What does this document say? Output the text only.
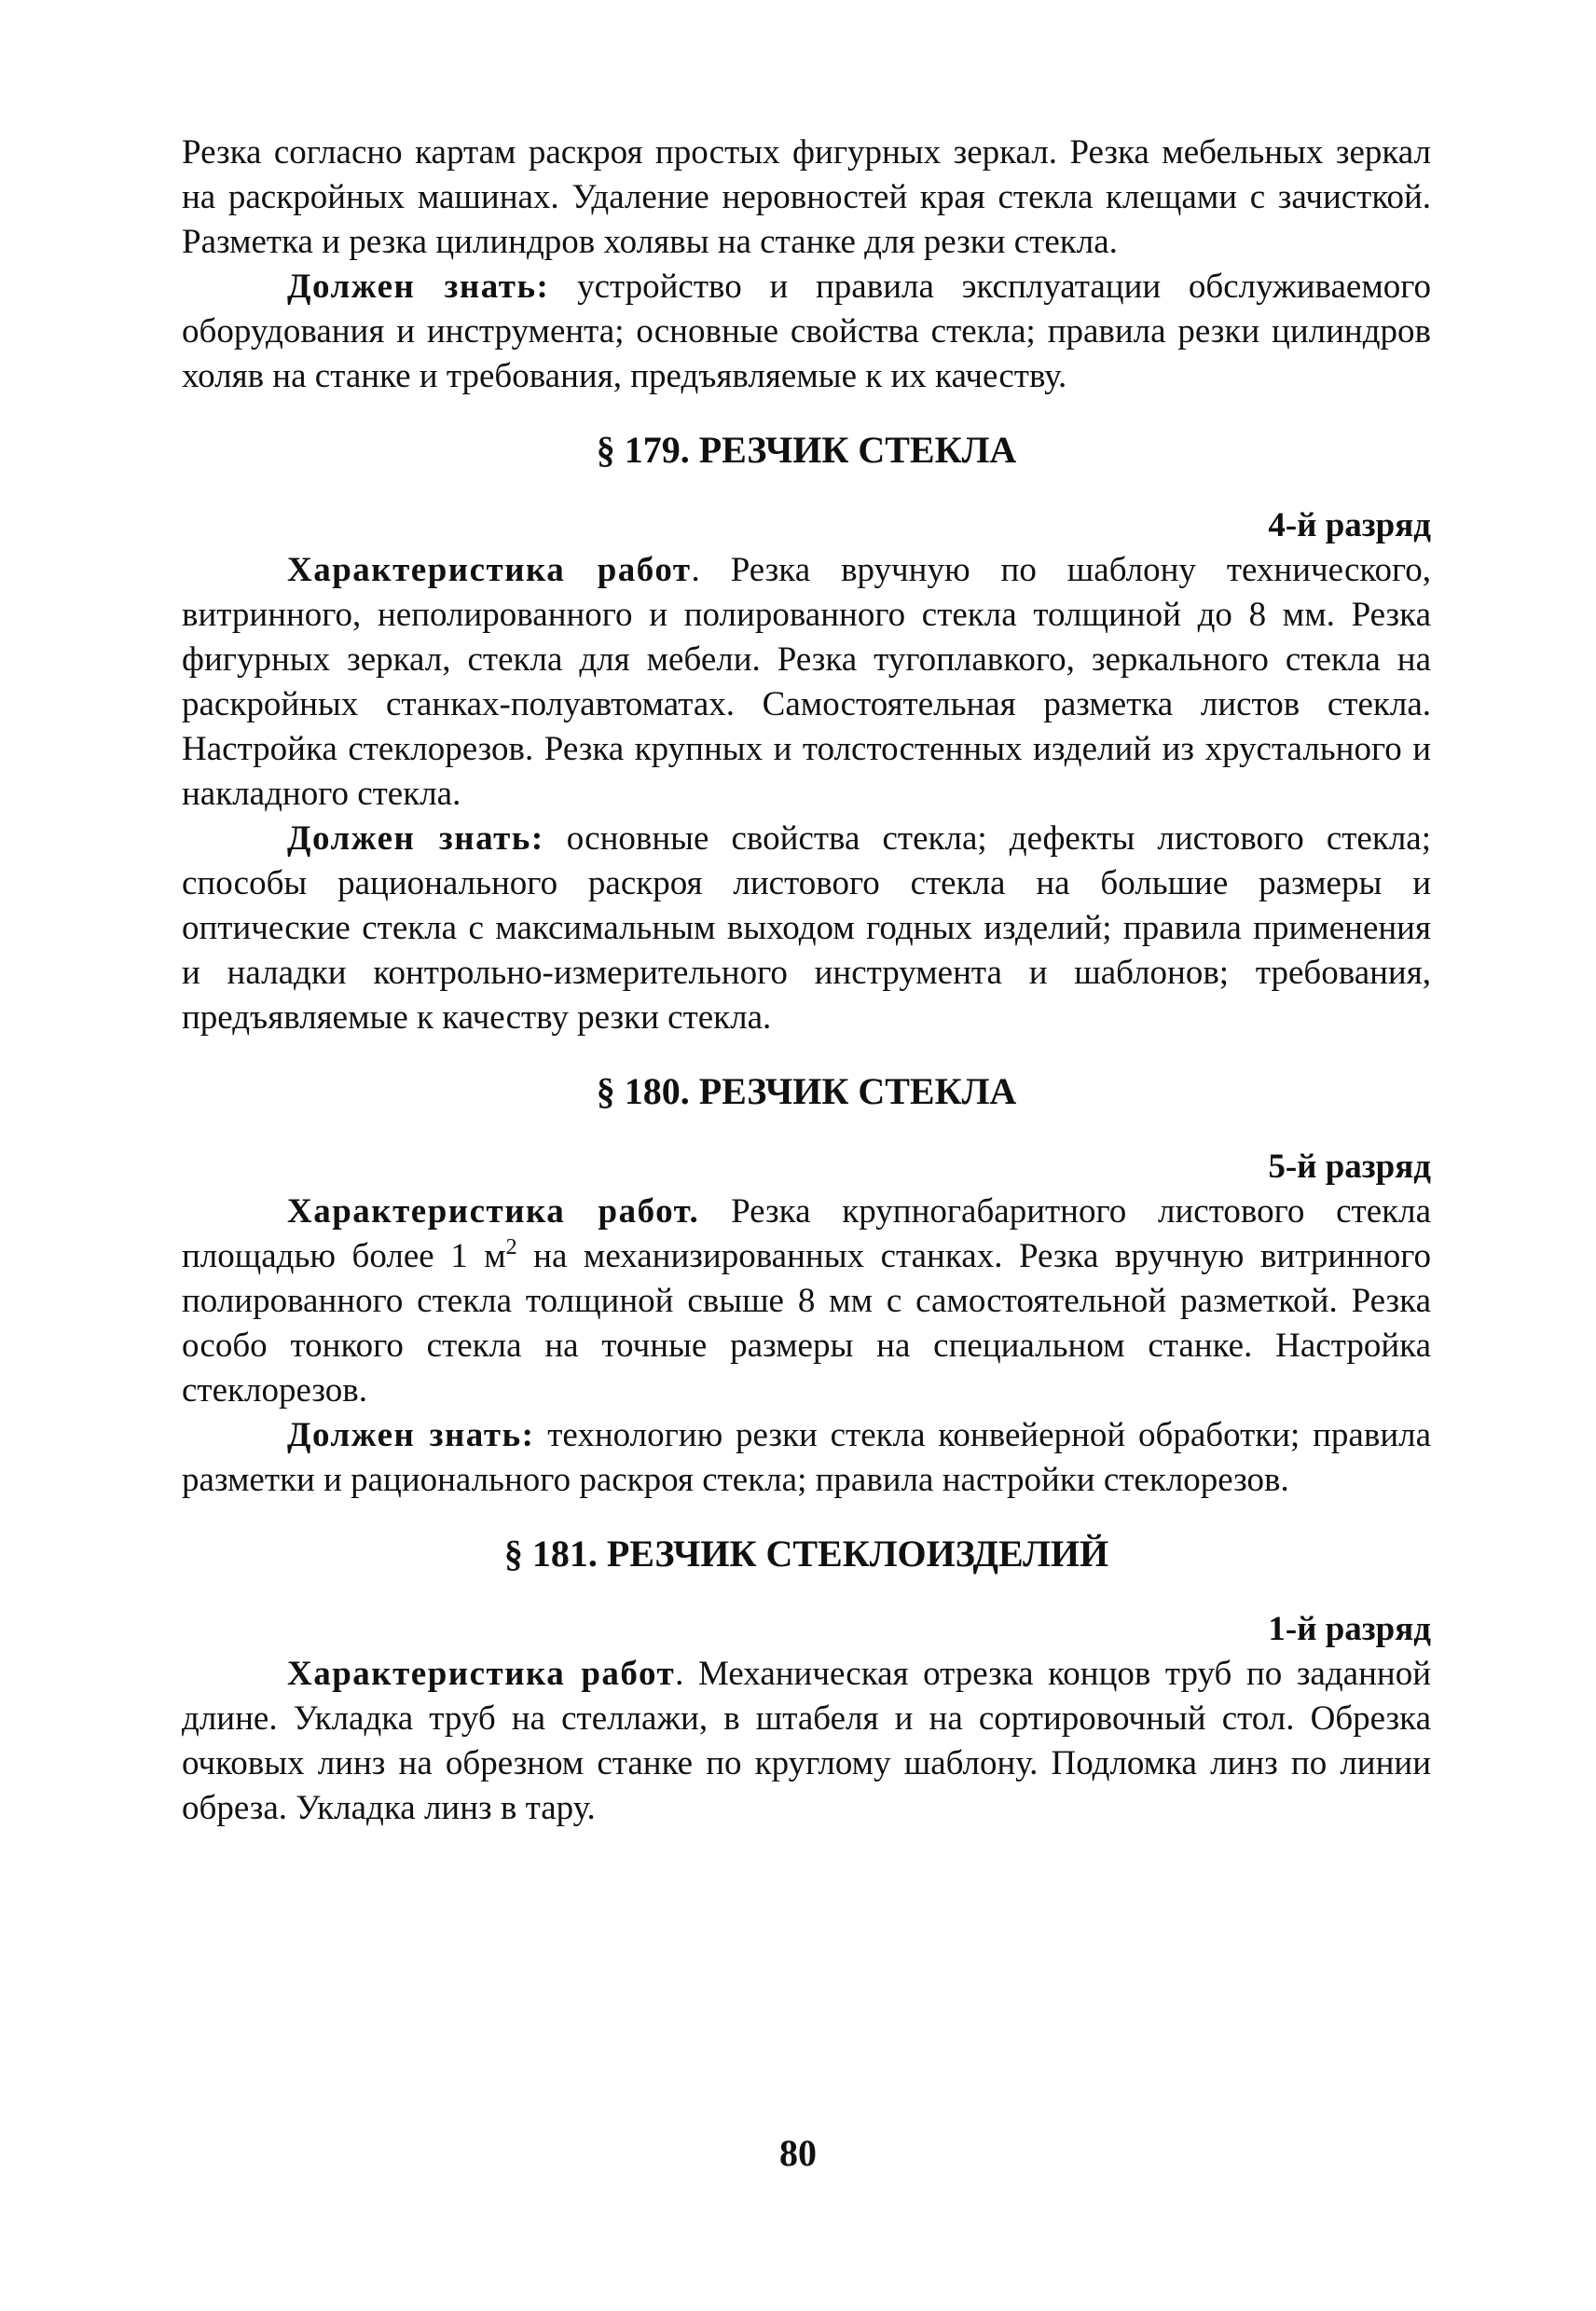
Резка согласно картам раскроя простых фигурных зеркал. Резка мебельных зеркал на раскройных машинах. Удаление неровностей края стекла клещами с зачисткой. Разметка и резка цилиндров холявы на станке для резки стекла.

Должен знать: устройство и правила эксплуатации обслуживаемого оборудования и инструмента; основные свойства стекла; правила резки цилиндров холяв на станке и требования, предъявляемые к их качеству.

§ 179. РЕЗЧИК СТЕКЛА
4-й разряд

Характеристика работ. Резка вручную по шаблону технического, витринного, неполированного и полированного стекла толщиной до 8 мм. Резка фигурных зеркал, стекла для мебели. Резка тугоплавкого, зеркального стекла на раскройных станках-полуавтоматах. Самостоятельная разметка листов стекла. Настройка стеклорезов. Резка крупных и толстостенных изделий из хрустального и накладного стекла.

Должен знать: основные свойства стекла; дефекты листового стекла; способы рационального раскроя листового стекла на большие размеры и оптические стекла с максимальным выходом годных изделий; правила применения и наладки контрольно-измерительного инструмента и шаблонов; требования, предъявляемые к качеству резки стекла.

§ 180. РЕЗЧИК СТЕКЛА
5-й разряд

Характеристика работ. Резка крупногабаритного листового стекла площадью более 1 $м^2$ на механизированных станках. Резка вручную витринного полированного стекла толщиной свыше 8 мм с самостоятельной разметкой. Резка особо тонкого стекла на точные размеры на специальном станке. Настройка стеклорезов.

Должен знать: технологию резки стекла конвейерной обработки; правила разметки и рационального раскроя стекла; правила настройки стеклорезов.

§ 181. РЕЗЧИК СТЕКЛОИЗДЕЛИЙ
1-й разряд

Характеристика работ. Механическая отрезка концов труб по заданной длине. Укладка труб на стеллажи, в штабеля и на сортировочный стол. Обрезка очковых линз на обрезном станке по круглому шаблону. Подломка линз по линии обреза. Укладка линз в тару.

80
